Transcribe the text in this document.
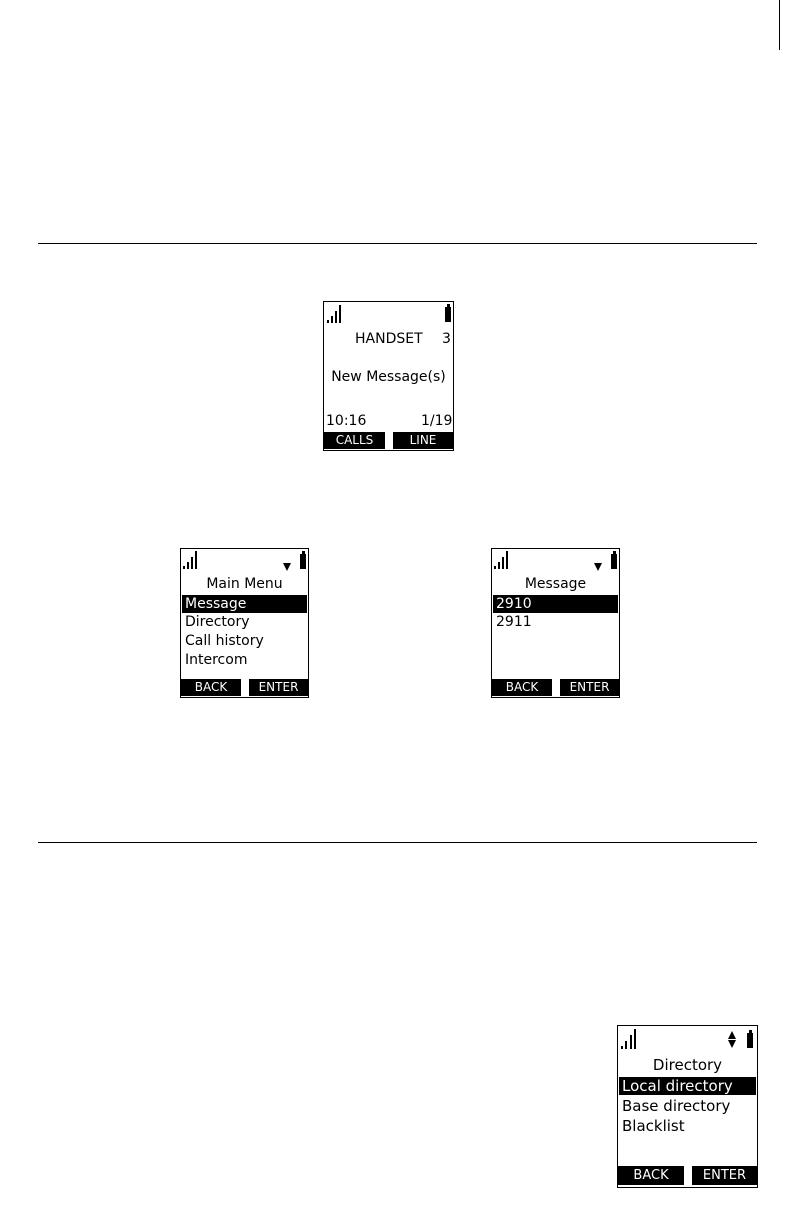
HANDSET 3
New Message(s)
10:16	1/19
CALLS	LINE
Main Menu
Message
Directory
Call history
Intercom
BACK	ENTER
Message
2910
2911
BACK	ENTER
Directory
Local directory
Base directory
Blacklist
BACK	ENTER
